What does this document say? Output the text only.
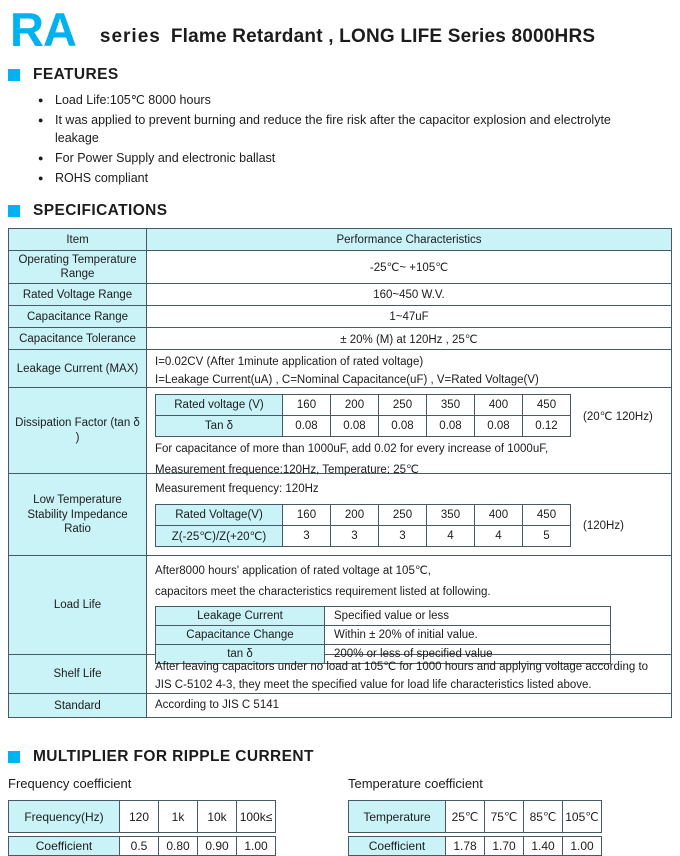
RA series Flame Retardant , LONG LIFE Series 8000HRS
FEATURES
● Load Life:105℃ 8000 hours
● It was applied to prevent burning and reduce the fire risk after the capacitor explosion and electrolyte leakage
● For Power Supply and electronic ballast
● ROHS compliant
SPECIFICATIONS
Item	Performance Characteristics
Operating Temperature Range	-25℃~ +105℃
Rated Voltage Range	160~450 W.V.
Capacitance Range	1~47uF
Capacitance Tolerance	± 20% (M) at 120Hz , 25℃
Leakage Current (MAX)
I=0.02CV (After 1minute application of rated voltage)
I=Leakage Current(uA) , C=Nominal Capacitance(uF) , V=Rated Voltage(V)
Dissipation Factor (tan δ )
Rated voltage (V)	160	200	250	350	400	450
Tan δ	0.08	0.08	0.08	0.08	0.08	0.12
(20℃ 120Hz)
For capacitance of more than 1000uF, add 0.02 for every increase of 1000uF,
Measurement frequence:120Hz, Temperature: 25℃
Low Temperature Stability Impedance Ratio
Measurement frequency: 120Hz
Rated Voltage(V)	160	200	250	350	400	450
Z(-25℃)/Z(+20℃)	3	3	3	4	4	5
(120Hz)
Load Life
After8000 hours' application of rated voltage at 105℃,
capacitors meet the characteristics requirement listed at following.
Leakage Current	Specified value or less
Capacitance Change	Within ± 20% of initial value.
tan δ	200% or less of specified value
Shelf Life
After leaving capacitors under no load at 105℃ for 1000 hours and applying voltage according to
JIS C-5102 4-3, they meet the specified value for load life characteristics listed above.
Standard	According to JIS C 5141
MULTIPLIER FOR RIPPLE CURRENT
Frequency coefficient
Frequency(Hz)	120	1k	10k	100k≤
Coefficient	0.5	0.80	0.90	1.00
Temperature coefficient
Temperature	25℃	75℃	85℃ 105℃
Coefficient	1.78	1.70	1.40	1.00
